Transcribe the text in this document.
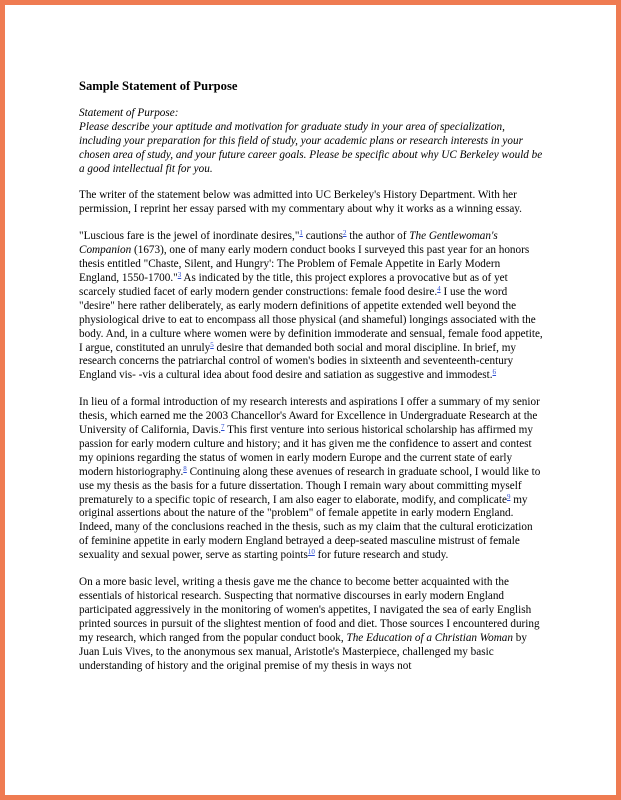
Sample Statement of Purpose
Statement of Purpose:
Please describe your aptitude and motivation for graduate study in your area of specialization, including your preparation for this field of study, your academic plans or research interests in your chosen area of study, and your future career goals. Please be specific about why UC Berkeley would be a good intellectual fit for you.

The writer of the statement below was admitted into UC Berkeley's History Department. With her permission, I reprint her essay parsed with my commentary about why it works as a winning essay.

"Luscious fare is the jewel of inordinate desires,"$^1$ cautions$^2$ the author of The Gentlewoman's Companion (1673), one of many early modern conduct books I surveyed this past year for an honors thesis entitled "Chaste, Silent, and Hungry': The Problem of Female Appetite in Early Modern England, 1550-1700."$^3$ As indicated by the title, this project explores a provocative but as of yet scarcely studied facet of early modern gender constructions: female food desire.$^4$ I use the word "desire" here rather deliberately, as early modern definitions of appetite extended well beyond the physiological drive to eat to encompass all those physical (and shameful) longings associated with the body. And, in a culture where women were by definition immoderate and sensual, female food appetite, I argue, constituted an unruly$^5$ desire that demanded both social and moral discipline. In brief, my research concerns the patriarchal control of women's bodies in sixteenth and seventeenth-century England vis- -vis a cultural idea about food desire and satiation as suggestive and immodest.$^6$

In lieu of a formal introduction of my research interests and aspirations I offer a summary of my senior thesis, which earned me the 2003 Chancellor's Award for Excellence in Undergraduate Research at the University of California, Davis.$^7$ This first venture into serious historical scholarship has affirmed my passion for early modern culture and history; and it has given me the confidence to assert and contest my opinions regarding the status of women in early modern Europe and the current state of early modern historiography.$^8$ Continuing along these avenues of research in graduate school, I would like to use my thesis as the basis for a future dissertation. Though I remain wary about committing myself prematurely to a specific topic of research, I am also eager to elaborate, modify, and complicate$^9$ my original assertions about the nature of the "problem" of female appetite in early modern England. Indeed, many of the conclusions reached in the thesis, such as my claim that the cultural eroticization of feminine appetite in early modern England betrayed a deep-seated masculine mistrust of female sexuality and sexual power, serve as starting points$^{10}$ for future research and study.

On a more basic level, writing a thesis gave me the chance to become better acquainted with the essentials of historical research. Suspecting that normative discourses in early modern England participated aggressively in the monitoring of women's appetites, I navigated the sea of early English printed sources in pursuit of the slightest mention of food and diet. Those sources I encountered during my research, which ranged from the popular conduct book, The Education of a Christian Woman by Juan Luis Vives, to the anonymous sex manual, Aristotle's Masterpiece, challenged my basic understanding of history and the original premise of my thesis in ways not
